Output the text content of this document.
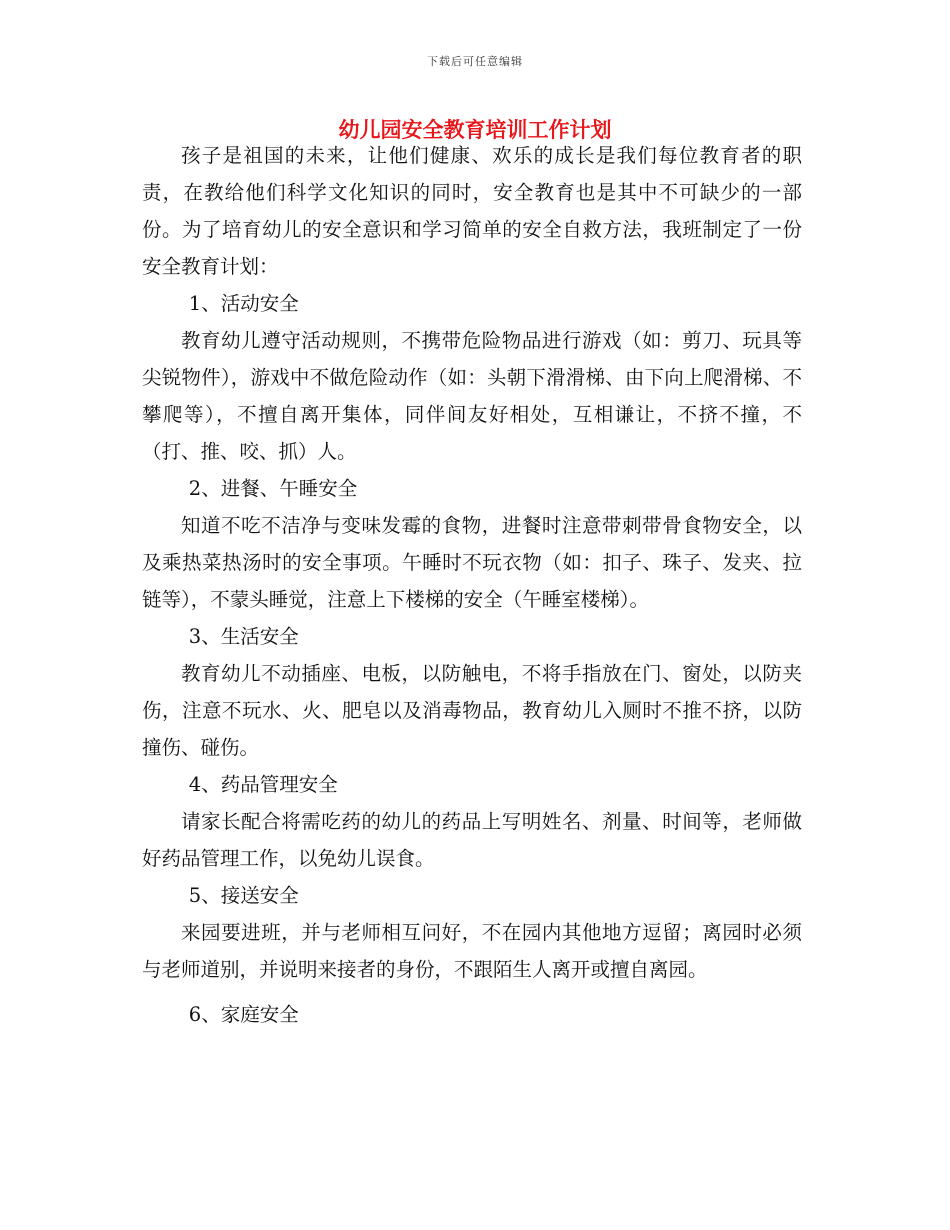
下载后可任意编辑
幼儿园安全教育培训工作计划

孩子是祖国的未来，让他们健康、欢乐的成长是我们每位教育者的职责，在教给他们科学文化知识的同时，安全教育也是其中不可缺少的一部份。为了培育幼儿的安全意识和学习简单的安全自救方法，我班制定了一份安全教育计划：

1、活动安全

教育幼儿遵守活动规则，不携带危险物品进行游戏（如：剪刀、玩具等尖锐物件），游戏中不做危险动作（如：头朝下滑滑梯、由下向上爬滑梯、不攀爬等），不擅自离开集体，同伴间友好相处，互相谦让，不挤不撞，不（打、推、咬、抓）人。

2、进餐、午睡安全

知道不吃不洁净与变味发霉的食物，进餐时注意带刺带骨食物安全，以及乘热菜热汤时的安全事项。午睡时不玩衣物（如：扣子、珠子、发夹、拉链等），不蒙头睡觉，注意上下楼梯的安全（午睡室楼梯）。

3、生活安全

教育幼儿不动插座、电板，以防触电，不将手指放在门、窗处，以防夹伤，注意不玩水、火、肥皂以及消毒物品，教育幼儿入厕时不推不挤，以防撞伤、碰伤。

4、药品管理安全

请家长配合将需吃药的幼儿的药品上写明姓名、剂量、时间等，老师做好药品管理工作，以免幼儿误食。

5、接送安全

来园要进班，并与老师相互问好，不在园内其他地方逗留；离园时必须与老师道别，并说明来接者的身份，不跟陌生人离开或擅自离园。

6、家庭安全
